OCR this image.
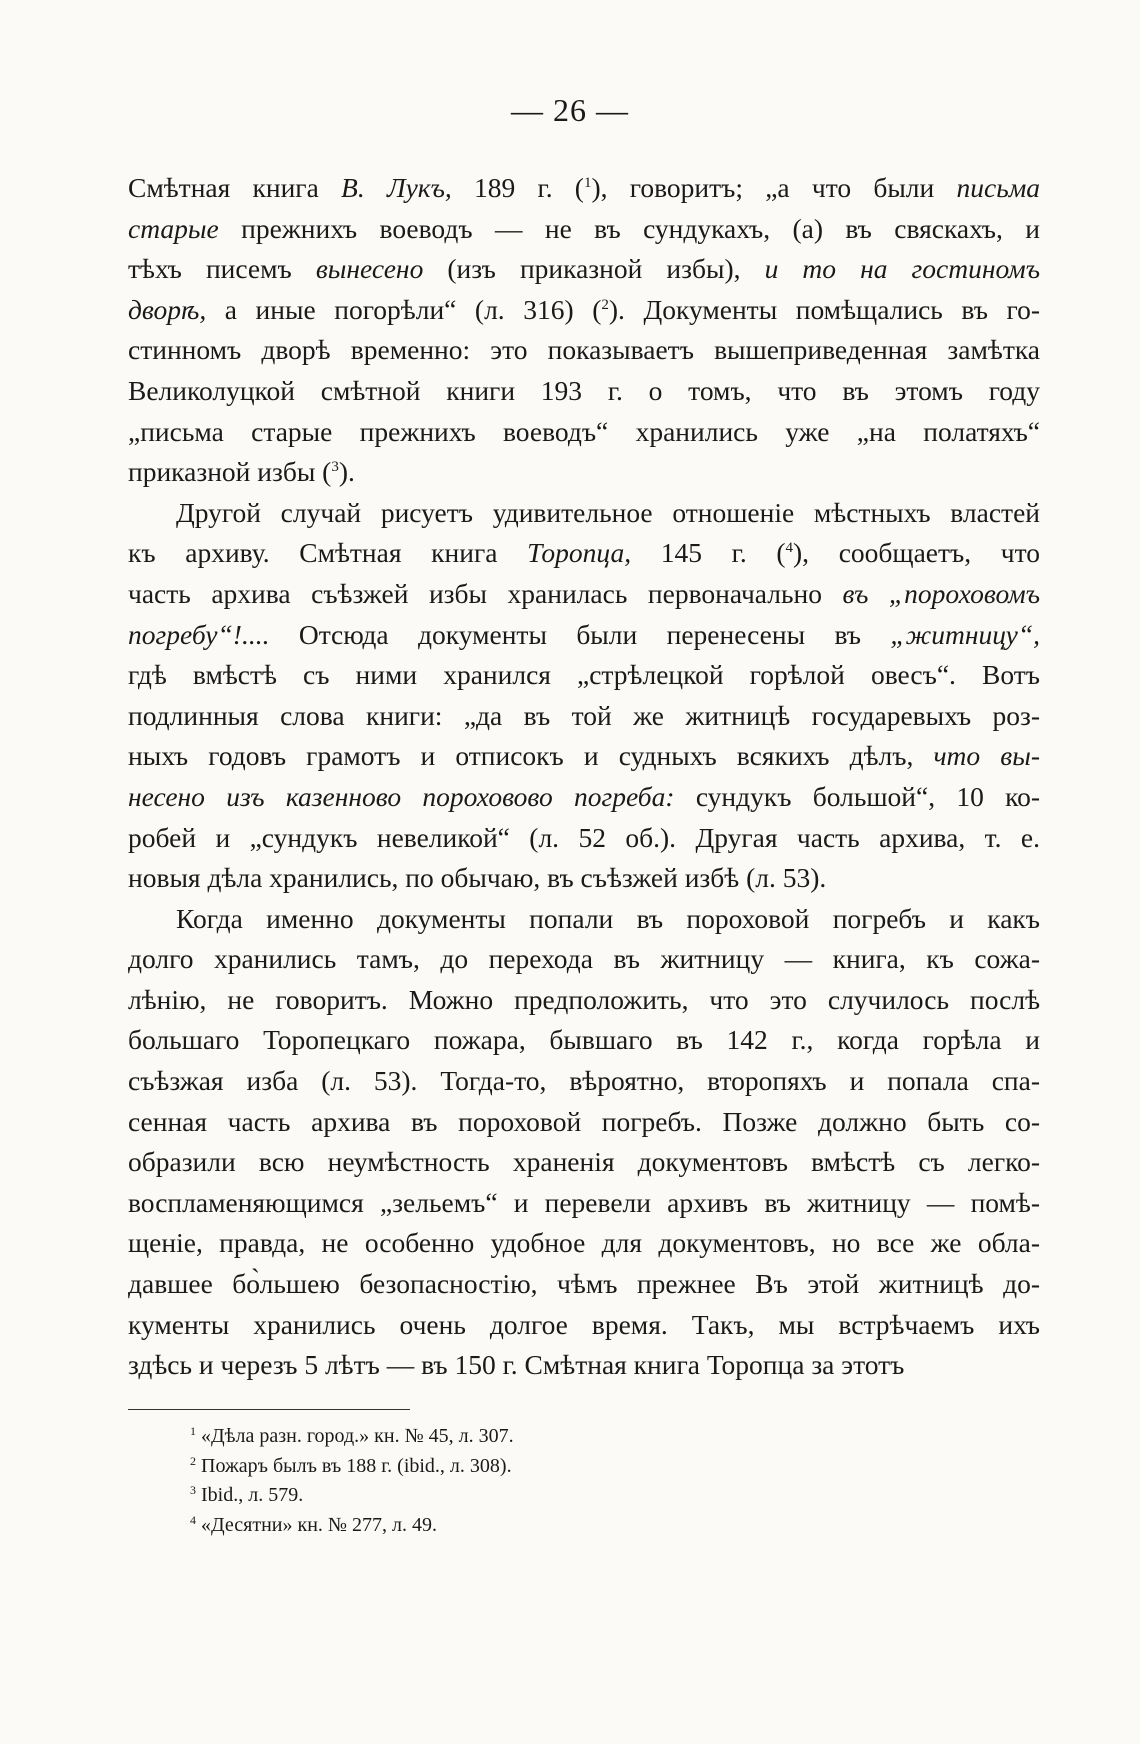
— 26 —
Смѣтная книга В. Лукъ, 189 г. ($^1$), говоритъ; „а что были письма
старые прежнихъ воеводъ — не въ сундукахъ, (а) въ свяскахъ, и
тѣхъ писемъ вынесено (изъ приказной избы), и то на гостиномъ
дворѣ, а иные погорѣли“ (л. 316) ($^2$). Документы помѣщались въ го-
стинномъ дворѣ временно: это показываетъ вышеприведенная замѣтка
Великолуцкой смѣтной книги 193 г. о томъ, что въ этомъ году
„письма старые прежнихъ воеводъ“ хранились уже „на полатяхъ“
приказной избы ($^3$).
Другой случай рисуетъ удивительное отношеніе мѣстныхъ властей
къ архиву. Смѣтная книга Торопца, 145 г. ($^4$), сообщаетъ, что
часть архива съѣзжей избы хранилась первоначально въ „пороховомъ
погребу“!.... Отсюда документы были перенесены въ „житницу“,
гдѣ вмѣстѣ съ ними хранился „стрѣлецкой горѣлой овесъ“. Вотъ
подлинныя слова книги: „да въ той же житницѣ государевыхъ роз-
ныхъ годовъ грамотъ и отписокъ и судныхъ всякихъ дѣлъ, что вы-
несено изъ казенново пороховово погреба: сундукъ большой“, 10 ко-
робей и „сундукъ невеликой“ (л. 52 об.). Другая часть архива, т. е.
новыя дѣла хранились, по обычаю, въ съѣзжей избѣ (л. 53).
Когда именно документы попали въ пороховой погребъ и какъ
долго хранились тамъ, до перехода въ житницу — книга, къ сожа-
лѣнію, не говоритъ. Можно предположить, что это случилось послѣ
большаго Торопецкаго пожара, бывшаго въ 142 г., когда горѣла и
съѣзжая изба (л. 53). Тогда-то, вѣроятно, второпяхъ и попала спа-
сенная часть архива въ пороховой погребъ. Позже должно быть со-
образили всю неумѣстность храненія документовъ вмѣстѣ съ легко-
воспламеняющимся „зельемъ“ и перевели архивъ въ житницу — помѣ-
щеніе, правда, не особенно удобное для документовъ, но все же обла-
давшее бо̀льшею безопасностію, чѣмъ прежнее Въ этой житницѣ до-
кументы хранились очень долгое время. Такъ, мы встрѣчаемъ ихъ
здѣсь и черезъ 5 лѣтъ — въ 150 г. Смѣтная книга Торопца за этотъ
$^1$ «Дѣла разн. город.» кн. № 45, л. 307.
$^2$ Пожаръ былъ въ 188 г. (ibid., л. 308).
$^3$ Ibid., л. 579.
$^4$ «Десятни» кн. № 277, л. 49.
